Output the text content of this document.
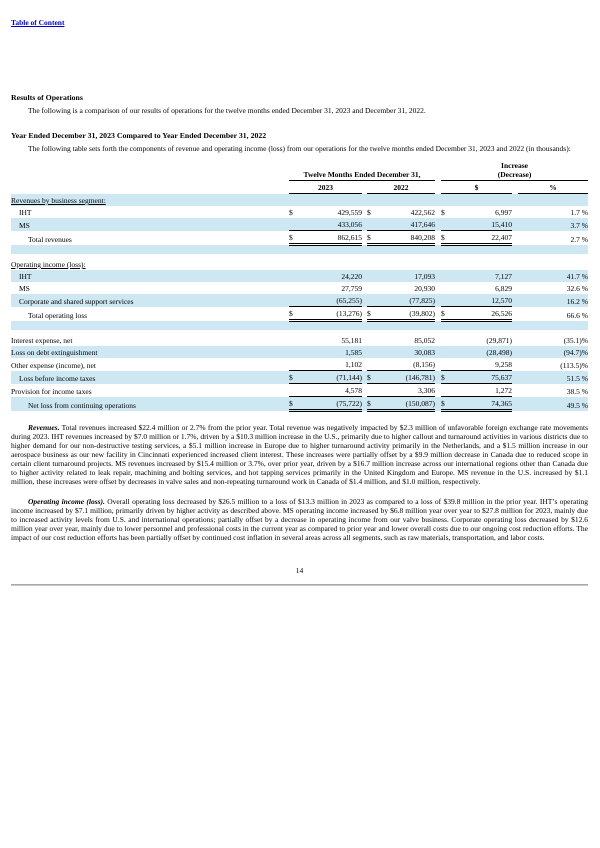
Table of Content
Results of Operations

The following is a comparison of our results of operations for the twelve months ended December 31, 2023 and December 31, 2022.

Year Ended December 31, 2023 Compared to Year Ended December 31, 2022

The following table sets forth the components of revenue and operating income (loss) from our operations for the twelve months ended December 31, 2023 and 2022 (in thousands):

	Twelve Months Ended December 31,				Increase
(Decrease)		

	2023		2022		$		%
Revenues by business segment:							
IHT	$ 429,559		$ 422,562		$ 6,997		1.7 %
MS	433,056		417,646		15,410		3.7 %
Total revenues	$ 862,615		$ 840,208		$ 22,407		2.7 %

Operating income (loss):							
IHT	24,220		17,093		7,127		41.7 %
MS	27,759		20,930		6,829		32.6 %
Corporate and shared support services	(65,255)		(77,825)		12,570		16.2 %
Total operating loss	$ (13,276)		$ (39,802)		$ 26,526		66.6 %

Interest expense, net	55,181		85,052		(29,871)		(35.1)%
Loss on debt extinguishment	1,585		30,083		(28,498)		(94.7)%
Other expense (income), net	1,102		(8,156)		9,258		(113.5)%
Loss before income taxes	$ (71,144)		$ (146,781)		$ 75,637		51.5 %
Provision for income taxes	4,578		3,306		1,272		38.5 %
Net loss from continuing operations	$ (75,722)		$ (150,087)		$ 74,365		49.5 %

Revenues. Total revenues increased $22.4 million or 2.7% from the prior year. Total revenue was negatively impacted by $2.3 million of unfavorable foreign exchange rate movements during 2023. IHT revenues increased by $7.0 million or 1.7%, driven by a $10.3 million increase in the U.S., primarily due to higher callout and turnaround activities in various districts due to higher demand for our non-destructive testing services, a $5.1 million increase in Europe due to higher turnaround activity primarily in the Netherlands, and a $1.5 million increase in our aerospace business as our new facility in Cincinnati experienced increased client interest. These increases were partially offset by a $9.9 million decrease in Canada due to reduced scope in certain client turnaround projects. MS revenues increased by $15.4 million or 3.7%, over prior year, driven by a $16.7 million increase across our international regions other than Canada due to higher activity related to leak repair, machining and bolting services, and hot tapping services primarily in the United Kingdom and Europe. MS revenue in the U.S. increased by $1.1 million, these increases were offset by decreases in valve sales and non-repeating turnaround work in Canada of $1.4 million, and $1.0 million, respectively.

Operating income (loss). Overall operating loss decreased by $26.5 million to a loss of $13.3 million in 2023 as compared to a loss of $39.8 million in the prior year. IHT’s operating income increased by $7.1 million, primarily driven by higher activity as described above. MS operating income increased by $6.8 million year over year to $27.8 million for 2023, mainly due to increased activity levels from U.S. and international operations; partially offset by a decrease in operating income from our valve business. Corporate operating loss decreased by $12.6 million year over year, mainly due to lower personnel and professional costs in the current year as compared to prior year and lower overall costs due to our ongoing cost reduction efforts. The impact of our cost reduction efforts has been partially offset by continued cost inflation in several areas across all segments, such as raw materials, transportation, and labor costs.

14
